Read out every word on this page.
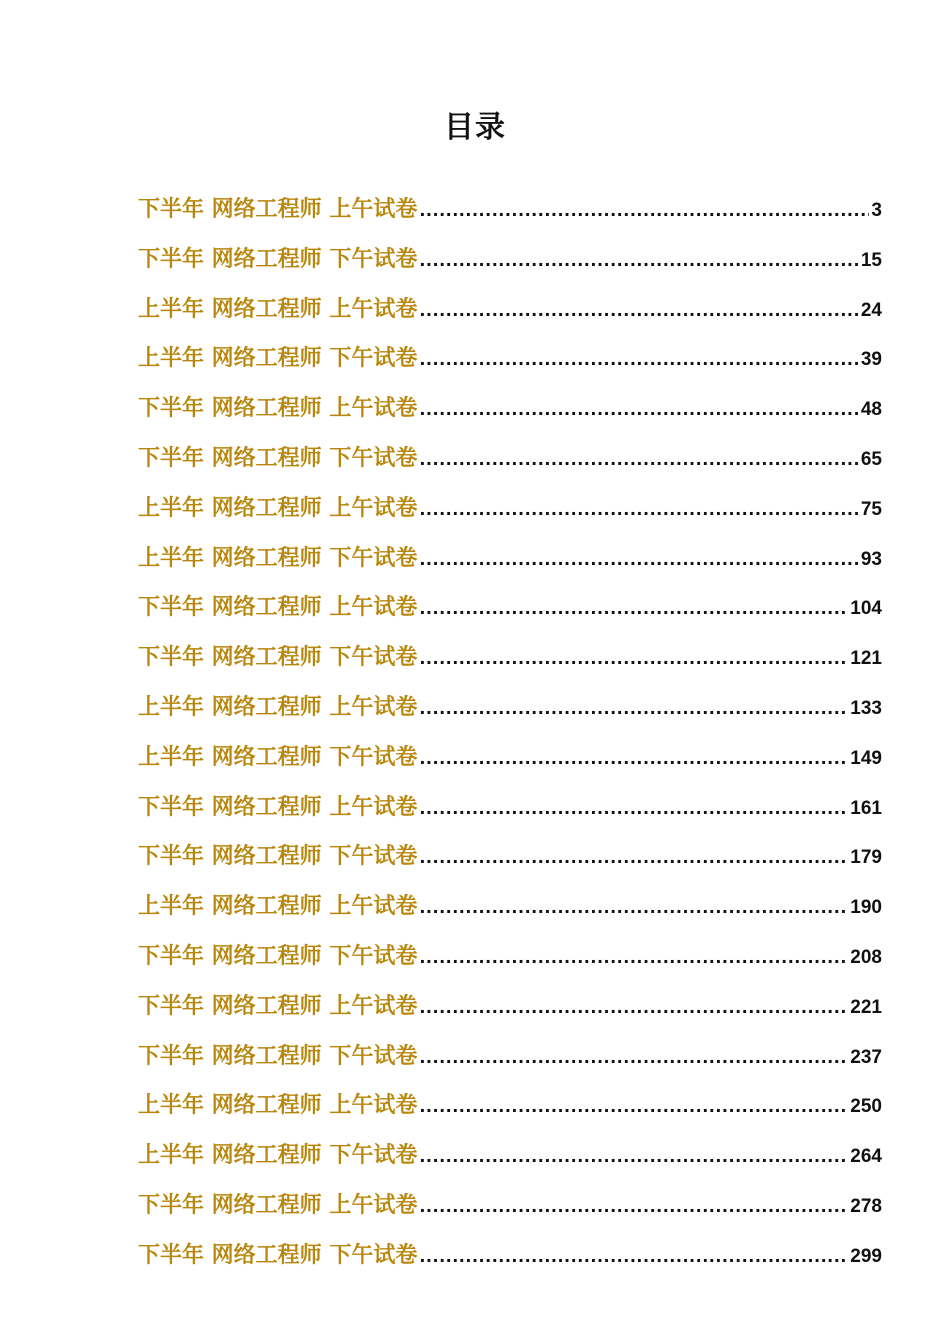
目录
下半年 网络工程师 上午试卷 .....	3
下半年 网络工程师 下午试卷 .....	15
上半年 网络工程师 上午试卷 .....	24
上半年 网络工程师 下午试卷 .....	39
下半年 网络工程师 上午试卷 .....	48
下半年 网络工程师 下午试卷 .....	65
上半年 网络工程师 上午试卷 .....	75
上半年 网络工程师 下午试卷 .....	93
下半年 网络工程师 上午试卷 .....	104
下半年 网络工程师 下午试卷 .....	121
上半年 网络工程师 上午试卷 .....	133
上半年 网络工程师 下午试卷 .....	149
下半年 网络工程师 上午试卷 .....	161
下半年 网络工程师 下午试卷 .....	179
上半年 网络工程师 上午试卷 .....	190
下半年 网络工程师 下午试卷 .....	208
下半年 网络工程师 上午试卷 .....	221
下半年 网络工程师 下午试卷 .....	237
上半年 网络工程师 上午试卷 .....	250
上半年 网络工程师 下午试卷 .....	264
下半年 网络工程师 上午试卷 .....	278
下半年 网络工程师 下午试卷 .....	299
